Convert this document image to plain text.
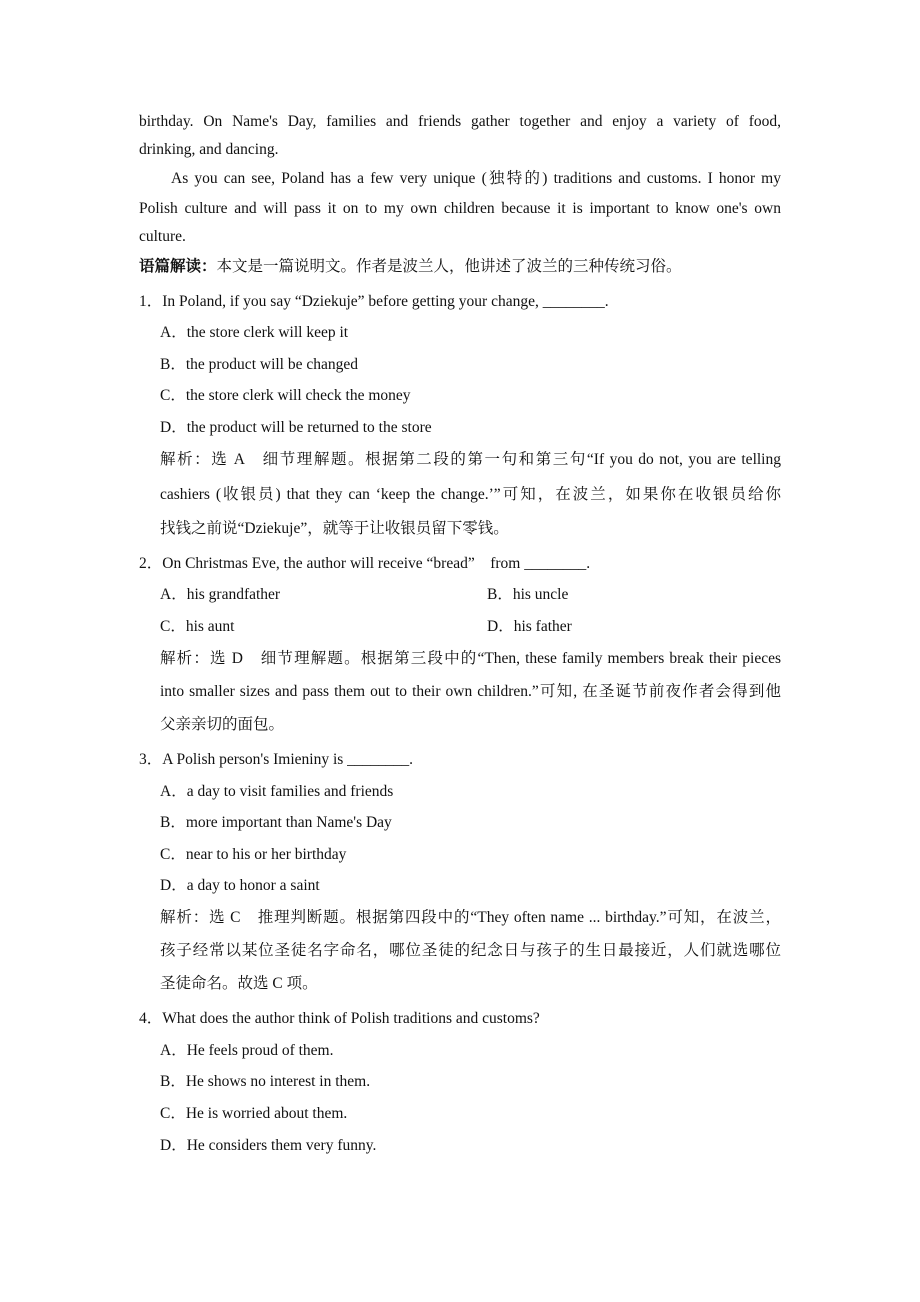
birthday. On Name's Day, families and friends gather together and enjoy a variety of food,
drinking, and dancing.
As you can see, Poland has a few very unique (独特的) traditions and customs. I honor my
Polish culture and will pass it on to my own children because it is important to know one's own
culture.
语篇解读：本文是一篇说明文。作者是波兰人，他讲述了波兰的三种传统习俗。
1．In Poland, if you say “Dziekuje” before getting your change, ________.
A．the store clerk will keep it
B．the product will be changed
C．the store clerk will check the money
D．the product will be returned to the store
解析：选 A　细节理解题。根据第二段的第一句和第三句“If you do not, you are telling
cashiers (收银员) that they can ‘keep the change.’”可知，在波兰，如果你在收银员给你
找钱之前说“Dziekuje”，就等于让收银员留下零钱。
2．On Christmas Eve, the author will receive “bread”　from ________.
A．his grandfather	B．his uncle
C．his aunt	D．his father
解析：选 D　细节理解题。根据第三段中的“Then, these family members break their pieces
into smaller sizes and pass them out to their own children.”可知, 在圣诞节前夜作者会得到他
父亲亲切的面包。
3．A Polish person's Imieniny is ________.
A．a day to visit families and friends
B．more important than Name's Day
C．near to his or her birthday
D．a day to honor a saint
解析：选 C　推理判断题。根据第四段中的“They often name ... birthday.”可知，在波兰，
孩子经常以某位圣徒名字命名，哪位圣徒的纪念日与孩子的生日最接近，人们就选哪位
圣徒命名。故选 C 项。
4．What does the author think of Polish traditions and customs?
A．He feels proud of them.
B．He shows no interest in them.
C．He is worried about them.
D．He considers them very funny.
